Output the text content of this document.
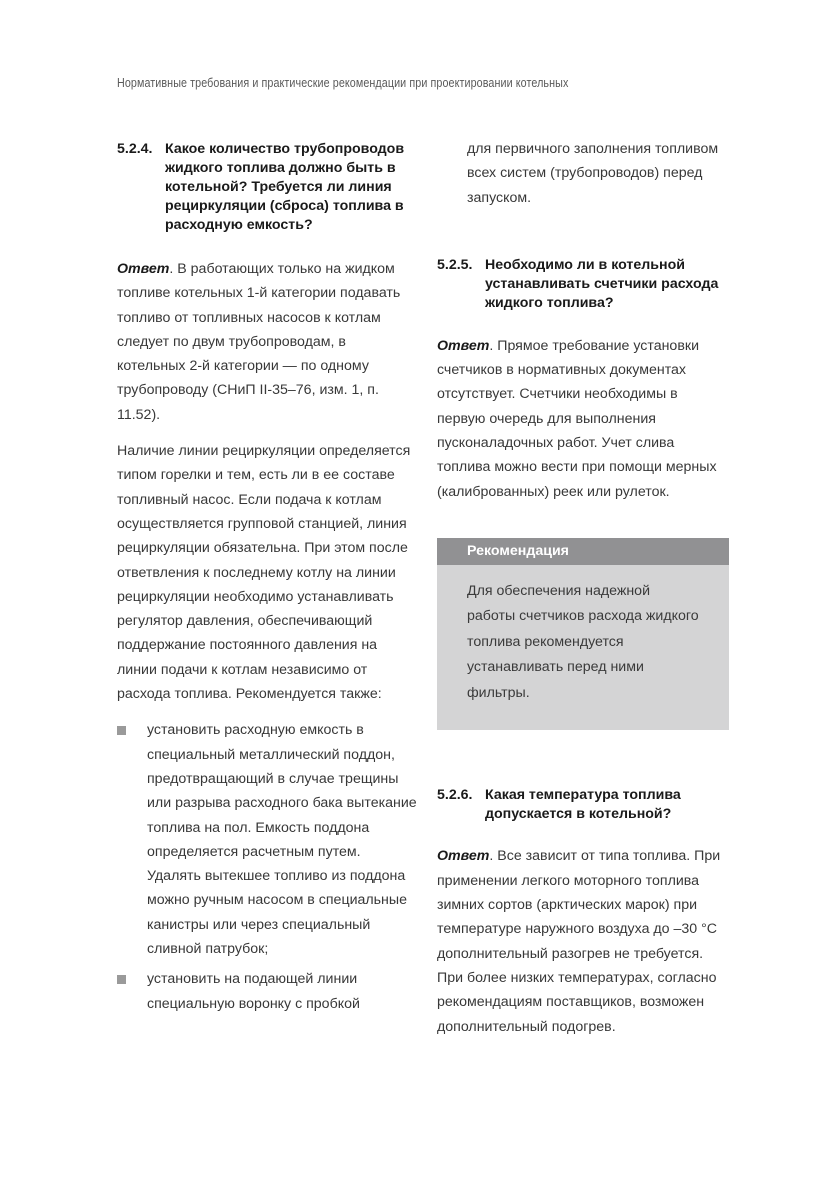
Нормативные требования и практические рекомендации при проектировании котельных
5.2.4. Какое количество трубопроводов жидкого топлива должно быть в котельной? Требуется ли линия рециркуляции (сброса) топлива в расходную емкость?

Ответ. В работающих только на жидком топливе котельных 1-й категории подавать топливо от топливных насосов к котлам следует по двум трубопроводам, в котельных 2-й категории — по одному трубопроводу (СНиП II-35–76, изм. 1, п. 11.52).

Наличие линии рециркуляции определяется типом горелки и тем, есть ли в ее составе топливный насос. Если подача к котлам осуществляется групповой станцией, линия рециркуляции обязательна. При этом после ответвления к последнему котлу на линии рециркуляции необходимо устанавливать регулятор давления, обеспечивающий поддержание постоянного давления на линии подачи к котлам независимо от расхода топлива. Рекомендуется также:

установить расходную емкость в специальный металлический поддон, предотвращающий в случае трещины или разрыва расходного бака вытекание топлива на пол. Емкость поддона определяется расчетным путем. Удалять вытекшее топливо из поддона можно ручным насосом в специальные канистры или через специальный сливной патрубок;
установить на подающей линии специальную воронку с пробкой

для первичного заполнения топливом всех систем (трубопроводов) перед запуском.

5.2.5. Необходимо ли в котельной устанавливать счетчики расхода жидкого топлива?

Ответ. Прямое требование установки счетчиков в нормативных документах отсутствует. Счетчики необходимы в первую очередь для выполнения пусконаладочных работ. Учет слива топлива можно вести при помощи мерных (калиброванных) реек или рулеток.

Рекомендация
Для обеспечения надежной работы счетчиков расхода жидкого топлива рекомендуется устанавливать перед ними фильтры.
5.2.6. Какая температура топлива допускается в котельной?

Ответ. Все зависит от типа топлива. При применении легкого моторного топлива зимних сортов (арктических марок) при температуре наружного воздуха до –30 °С дополнительный разогрев не требуется. При более низких температурах, согласно рекомендациям поставщиков, возможен дополнительный подогрев.
